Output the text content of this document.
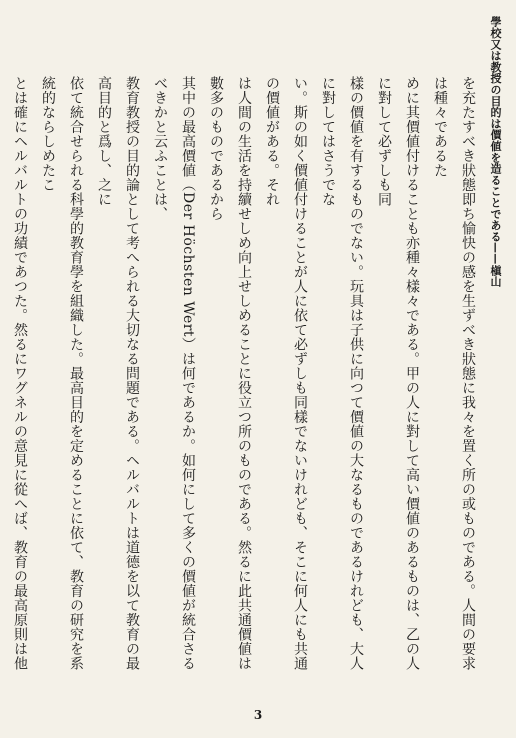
學校又は教授の目的は價値を造ることである——槇山

を充たすべき狀態即ち愉快の感を生ずべき狀態に我々を置く所の或ものである。人間の要求は種々であるた

めに其價値付けることも亦種々樣々である。甲の人に對して高い價値のあるものは、乙の人に對して必ずしも同

樣の價値を有するものでない。玩具は子供に向つて價値の大なるものであるけれども、大人に對してはさうでな

い。斯の如く價値付けることが人に依て必ずしも同樣でないけれども、そこに何人にも共通の價値がある。それ

は人間の生活を持續せしめ向上せしめることに役立つ所のものである。然るに此共通價値は數多のものであるから

其中の最高價値（Der Höchsten Wert）は何であるか。如何にして多くの價値が統合さるべきかと云ふことは、

教育教授の目的論として考へられる大切なる問題である。ヘルバルトは道德を以て教育の最高目的と爲し、之に

依て統合せられる科學的教育學を組織した。最高目的を定めることに依て、教育の研究を系統的ならしめたこ

とは確にヘルバルトの功績であつた。然るにワグネルの意見に從へば、教育の最高原則は他

3
